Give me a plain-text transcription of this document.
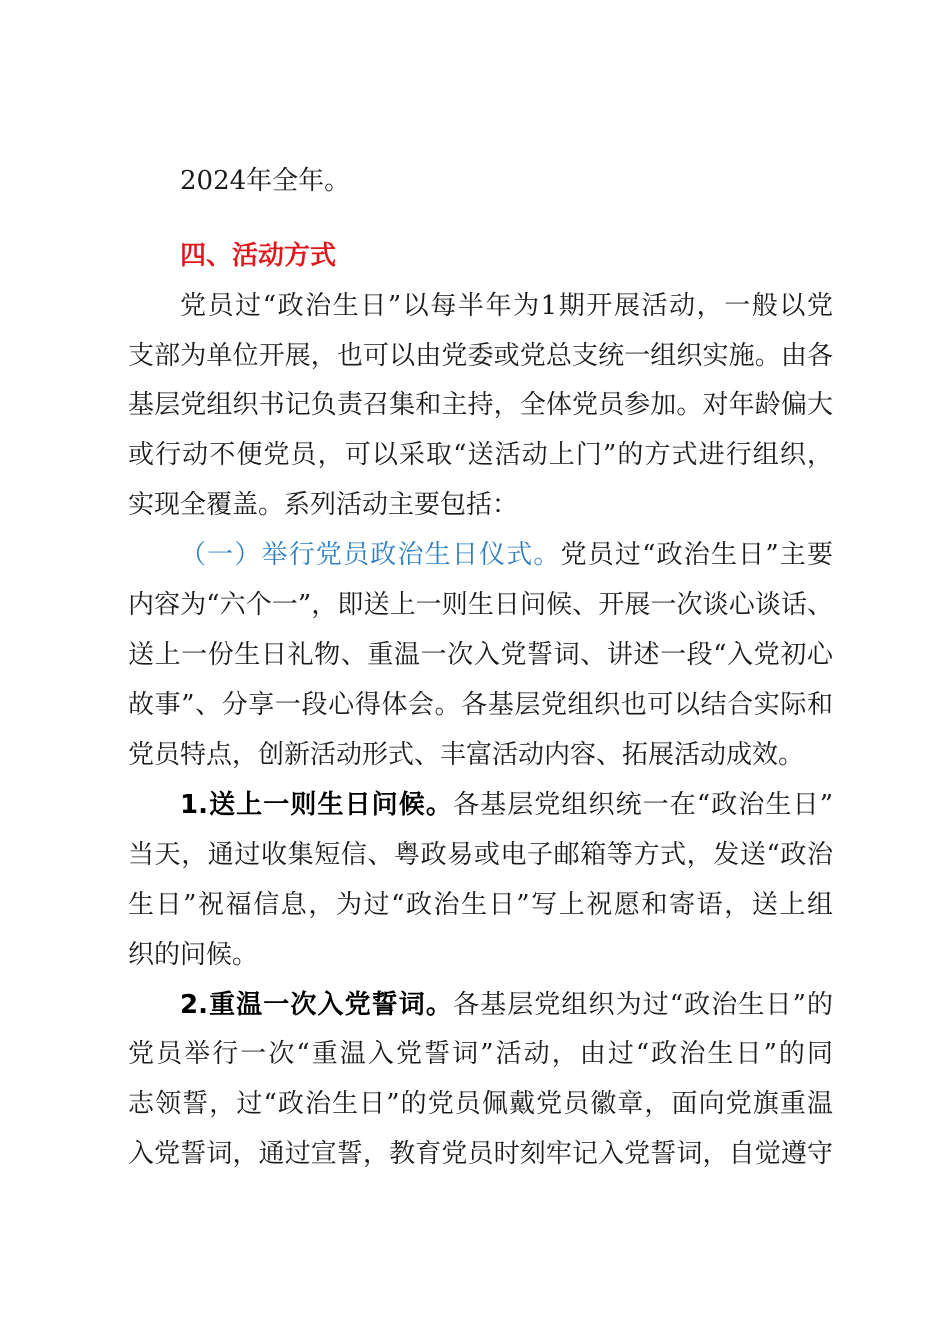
2024年全年。
四、活动方式
党员过“政治生日”以每半年为1期开展活动，一般以党
支部为单位开展，也可以由党委或党总支统一组织实施。由各
基层党组织书记负责召集和主持，全体党员参加。对年龄偏大
或行动不便党员，可以采取“送活动上门”的方式进行组织，
实现全覆盖。系列活动主要包括：
（一）举行党员政治生日仪式。党员过“政治生日”主要
内容为“六个一”，即送上一则生日问候、开展一次谈心谈话、
送上一份生日礼物、重温一次入党誓词、讲述一段“入党初心
故事”、分享一段心得体会。各基层党组织也可以结合实际和
党员特点，创新活动形式、丰富活动内容、拓展活动成效。
1.送上一则生日问候。各基层党组织统一在“政治生日”
当天，通过收集短信、粤政易或电子邮箱等方式，发送“政治
生日”祝福信息，为过“政治生日”写上祝愿和寄语，送上组
织的问候。
2.重温一次入党誓词。各基层党组织为过“政治生日”的
党员举行一次“重温入党誓词”活动，由过“政治生日”的同
志领誓，过“政治生日”的党员佩戴党员徽章，面向党旗重温
入党誓词，通过宣誓，教育党员时刻牢记入党誓词，自觉遵守
